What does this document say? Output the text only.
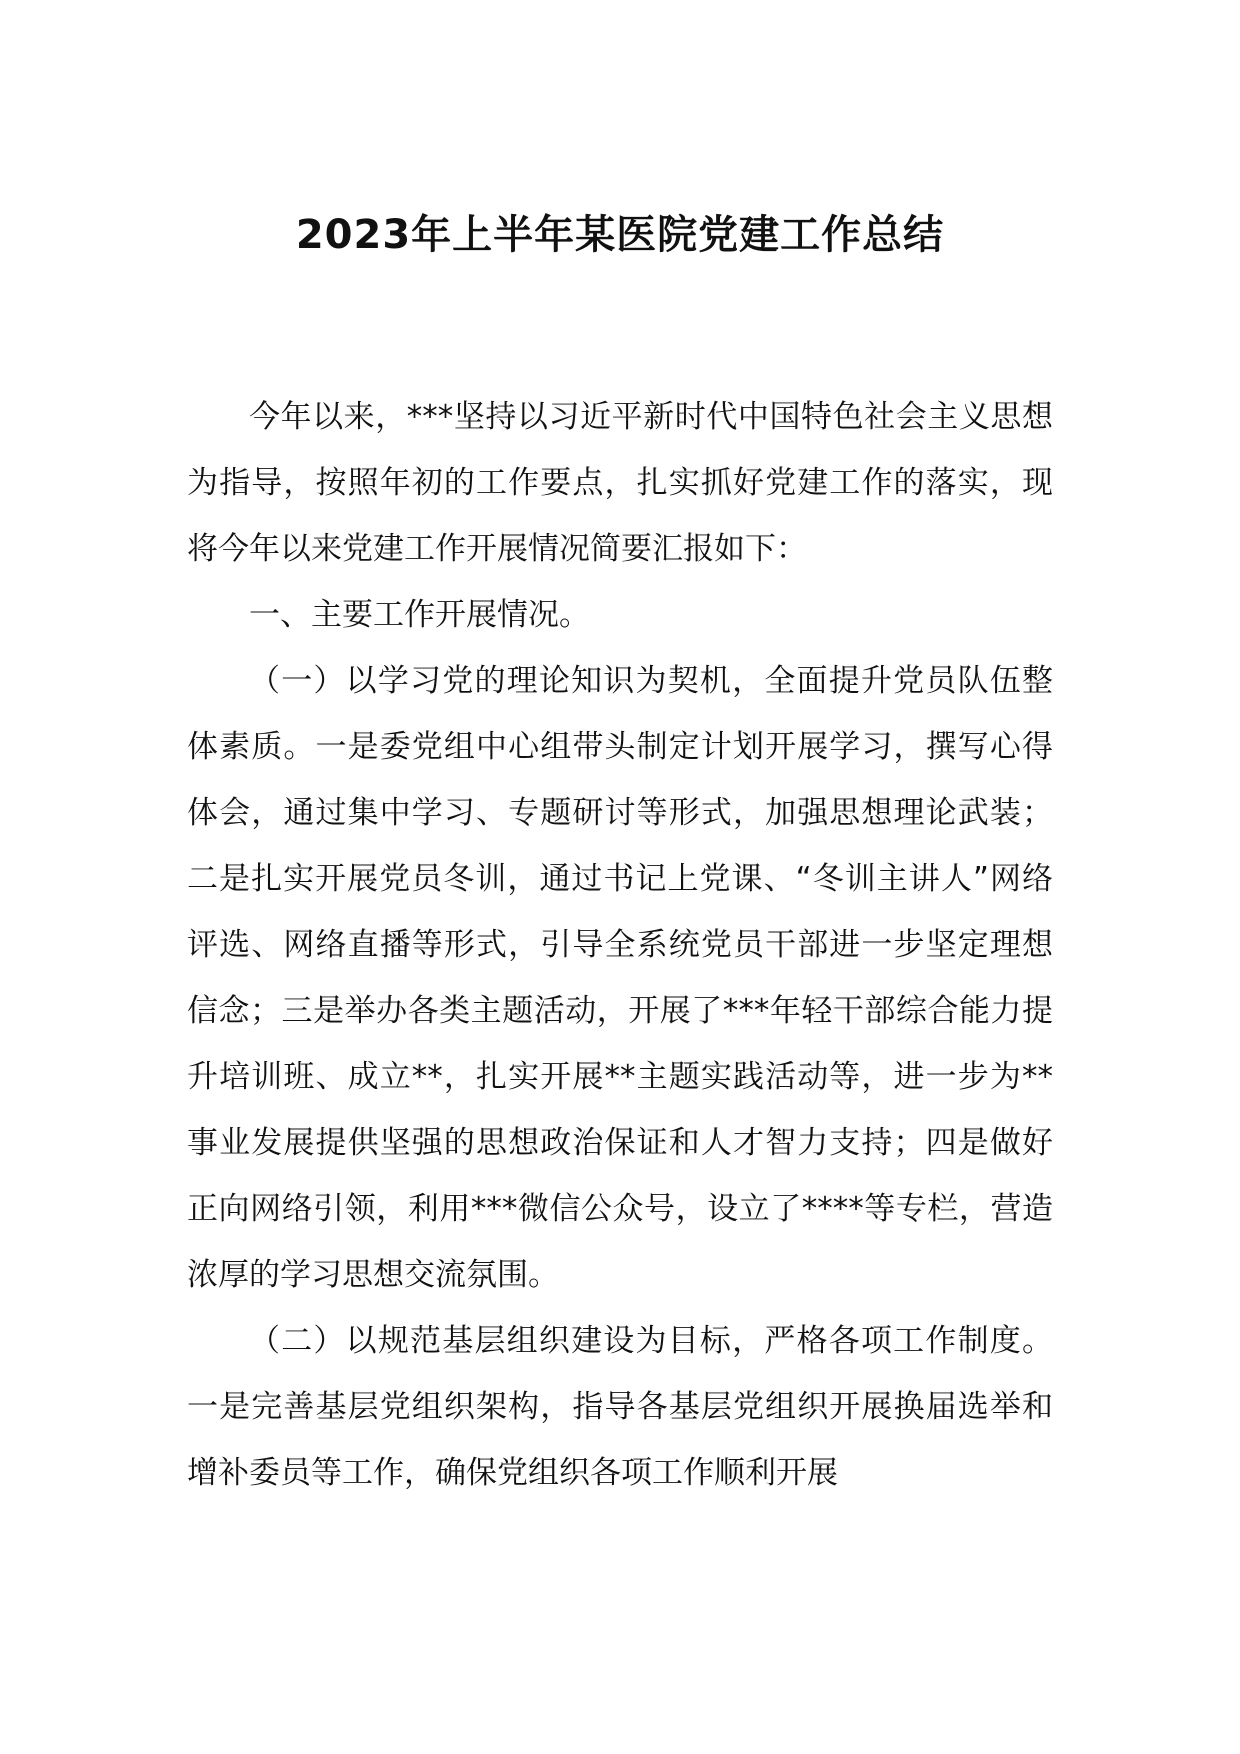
2023年上半年某医院党建工作总结

今年以来，***坚持以习近平新时代中国特色社会主义思想为指导，按照年初的工作要点，扎实抓好党建工作的落实，现将今年以来党建工作开展情况简要汇报如下：

一、主要工作开展情况。

（一）以学习党的理论知识为契机，全面提升党员队伍整体素质。一是委党组中心组带头制定计划开展学习，撰写心得体会，通过集中学习、专题研讨等形式，加强思想理论武装；二是扎实开展党员冬训，通过书记上党课、“冬训主讲人”网络评选、网络直播等形式，引导全系统党员干部进一步坚定理想信念；三是举办各类主题活动，开展了***年轻干部综合能力提升培训班、成立**，扎实开展**主题实践活动等，进一步为**事业发展提供坚强的思想政治保证和人才智力支持；四是做好正向网络引领，利用***微信公众号，设立了****等专栏，营造浓厚的学习思想交流氛围。

（二）以规范基层组织建设为目标，严格各项工作制度。一是完善基层党组织架构，指导各基层党组织开展换届选举和增补委员等工作，确保党组织各项工作顺利开展
